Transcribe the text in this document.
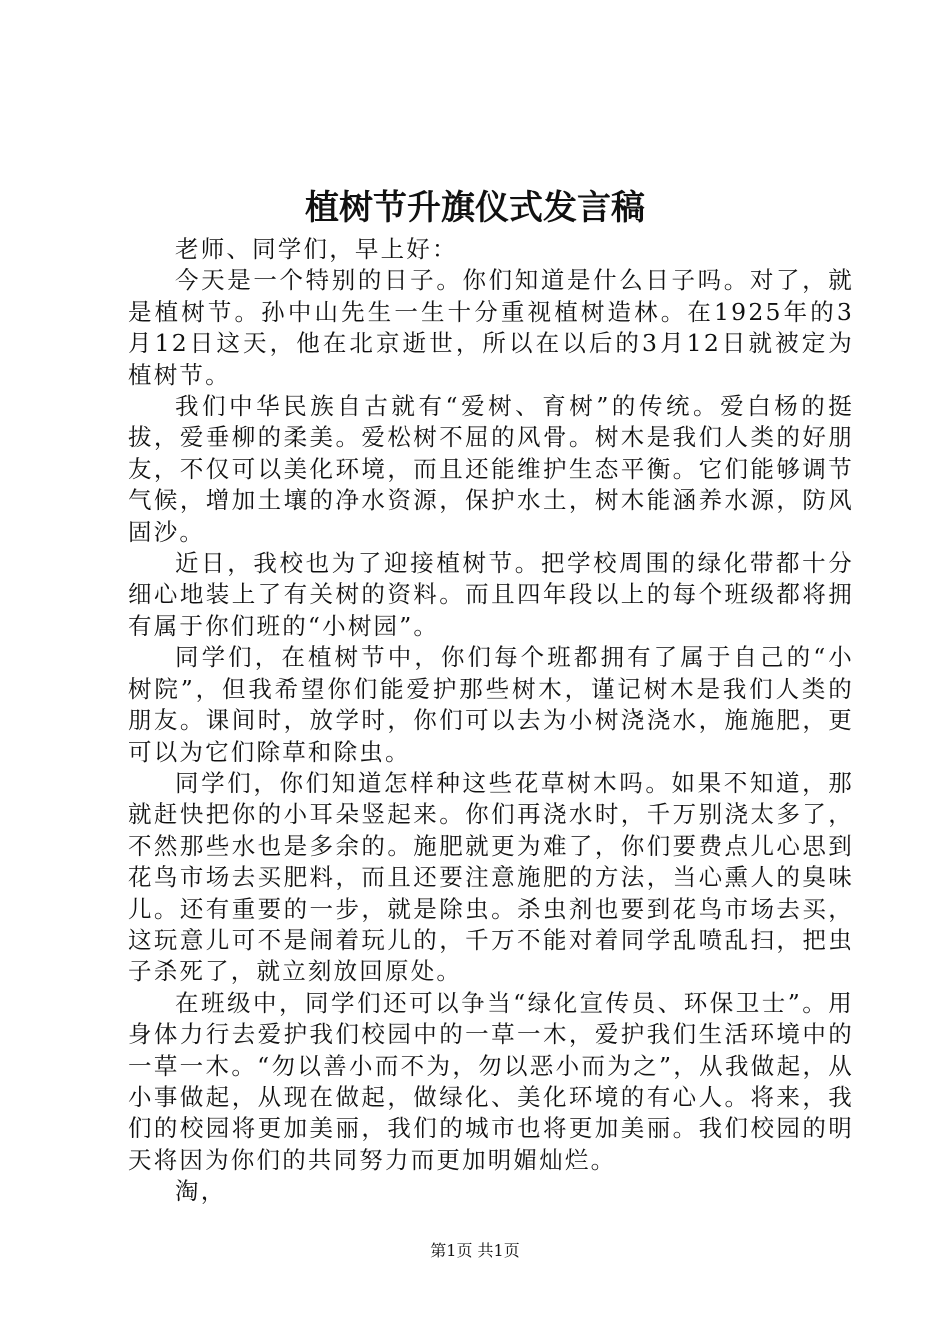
植树节升旗仪式发言稿

老师、同学们，早上好：

今天是一个特别的日子。你们知道是什么日子吗。对了，就是植树节。孙中山先生一生十分重视植树造林。在1925年的3月12日这天，他在北京逝世，所以在以后的3月12日就被定为植树节。

我们中华民族自古就有“爱树、育树”的传统。爱白杨的挺拔，爱垂柳的柔美。爱松树不屈的风骨。树木是我们人类的好朋友，不仅可以美化环境，而且还能维护生态平衡。它们能够调节气候，增加土壤的净水资源，保护水土，树木能涵养水源，防风固沙。

近日，我校也为了迎接植树节。把学校周围的绿化带都十分细心地装上了有关树的资料。而且四年段以上的每个班级都将拥有属于你们班的“小树园”。

同学们，在植树节中，你们每个班都拥有了属于自己的“小树院”，但我希望你们能爱护那些树木，谨记树木是我们人类的朋友。课间时，放学时，你们可以去为小树浇浇水，施施肥，更可以为它们除草和除虫。

同学们，你们知道怎样种这些花草树木吗。如果不知道，那就赶快把你的小耳朵竖起来。你们再浇水时，千万别浇太多了，不然那些水也是多余的。施肥就更为难了，你们要费点儿心思到花鸟市场去买肥料，而且还要注意施肥的方法，当心熏人的臭味儿。还有重要的一步，就是除虫。杀虫剂也要到花鸟市场去买，这玩意儿可不是闹着玩儿的，千万不能对着同学乱喷乱扫，把虫子杀死了，就立刻放回原处。

在班级中，同学们还可以争当“绿化宣传员、环保卫士”。用身体力行去爱护我们校园中的一草一木，爱护我们生活环境中的一草一木。“勿以善小而不为，勿以恶小而为之”，从我做起，从小事做起，从现在做起，做绿化、美化环境的有心人。将来，我们的校园将更加美丽，我们的城市也将更加美丽。我们校园的明天将因为你们的共同努力而更加明媚灿烂。

淘，

第1页 共1页
